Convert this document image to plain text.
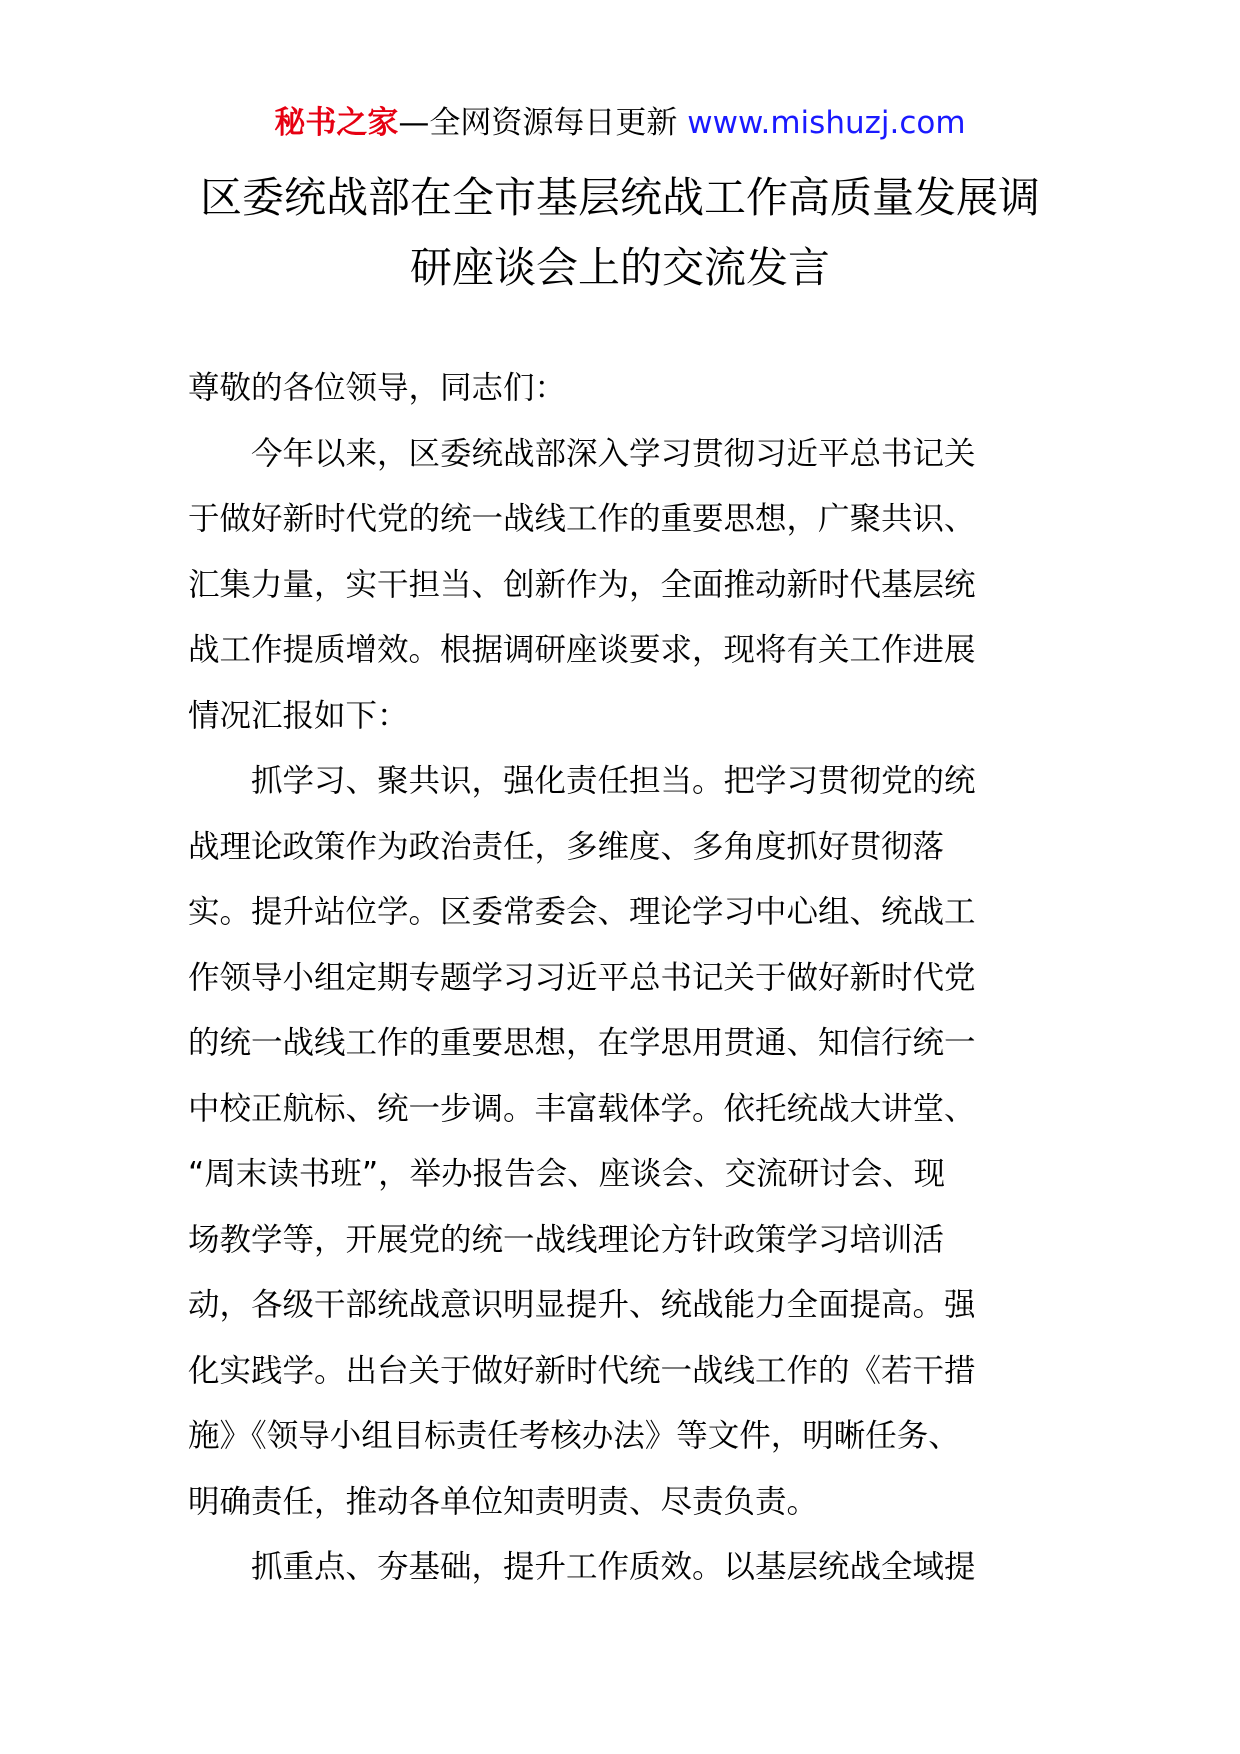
秘书之家—全网资源每日更新 www.mishuzj.com
区委统战部在全市基层统战工作高质量发展调
研座谈会上的交流发言
尊敬的各位领导，同志们：
今年以来，区委统战部深入学习贯彻习近平总书记关
于做好新时代党的统一战线工作的重要思想，广聚共识、
汇集力量，实干担当、创新作为，全面推动新时代基层统
战工作提质增效。根据调研座谈要求，现将有关工作进展
情况汇报如下：
抓学习、聚共识，强化责任担当。把学习贯彻党的统
战理论政策作为政治责任，多维度、多角度抓好贯彻落
实。提升站位学。区委常委会、理论学习中心组、统战工
作领导小组定期专题学习习近平总书记关于做好新时代党
的统一战线工作的重要思想，在学思用贯通、知信行统一
中校正航标、统一步调。丰富载体学。依托统战大讲堂、
“周末读书班”，举办报告会、座谈会、交流研讨会、现
场教学等，开展党的统一战线理论方针政策学习培训活
动，各级干部统战意识明显提升、统战能力全面提高。强
化实践学。出台关于做好新时代统一战线工作的《若干措
施》《领导小组目标责任考核办法》等文件，明晰任务、
明确责任，推动各单位知责明责、尽责负责。
抓重点、夯基础，提升工作质效。以基层统战全域提
